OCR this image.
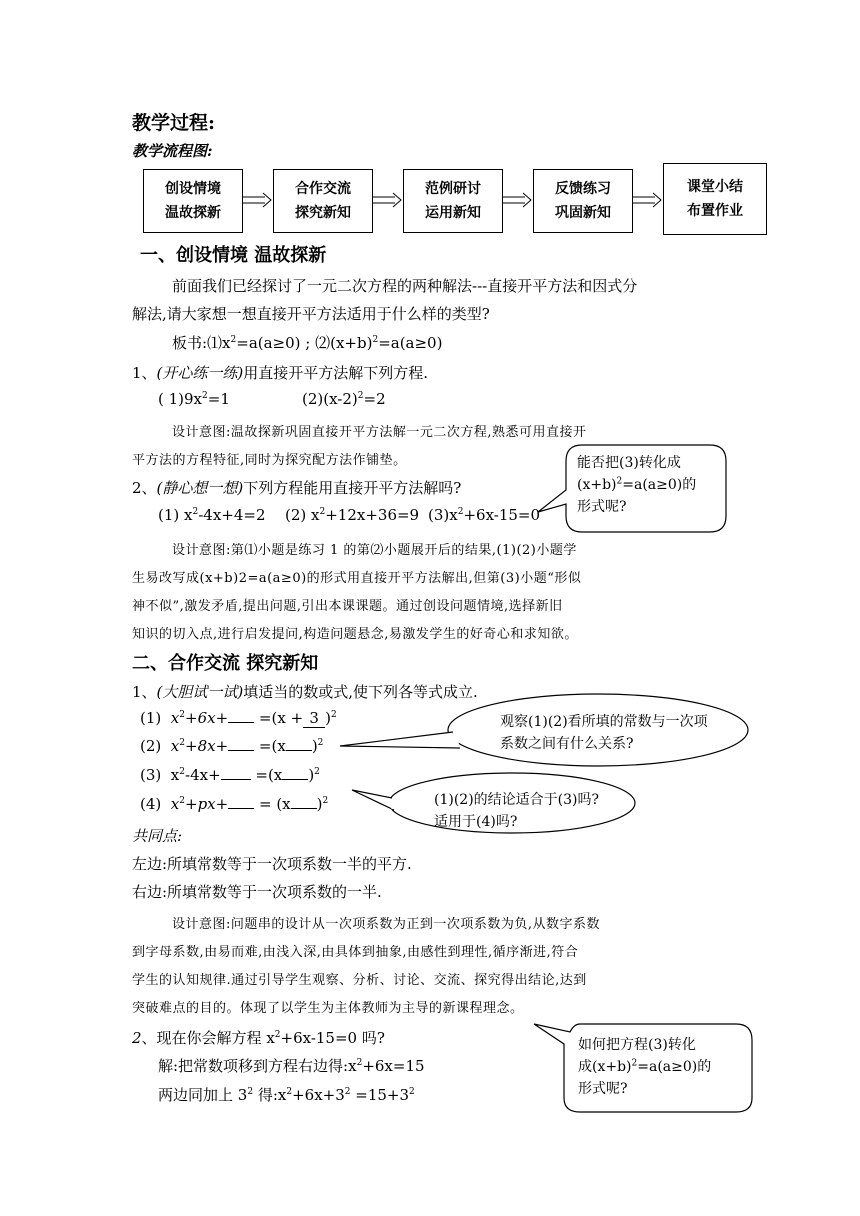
教学过程:
教学流程图:
创设情境
温故探新
合作交流
探究新知
范例研讨
运用新知
反馈练习
巩固新知
课堂小结
布置作业
一、创设情境 温故探新
前面我们已经探讨了一元二次方程的两种解法---直接开平方法和因式分
解法,请大家想一想直接开平方法适用于什么样的类型?
板书$:⑴x^2=a(a\ge 0)$ ; $⑵(x+b)^2=a(a\ge 0)$
1、(开心练一练)用直接开平方法解下列方程.
( $1)9x^2=1$	$(2)(x-2)^2=2$
设计意图:温故探新巩固直接开平方法解一元二次方程,熟悉可用直接开
平方法的方程特征,同时为探究配方法作铺垫。
2、(静心想一想)下列方程能用直接开平方法解吗?
(1) $x^2-4x+4=2$ (2) $x^2+12x+36=9$ $(3)x^2+6x-15=0$
能否把(3)转化成
$(x+b)^2=a(a\ge 0)$的
形式呢?
设计意图:第⑴小题是练习 1 的第⑵小题展开后的结果,(1)(2)小题学
生易改写成(x+b)2=a(a≥0)的形式用直接开平方法解出,但第(3)小题“形似
神不似”,激发矛盾,提出问题,引出本课课题。通过创设问题情境,选择新旧
知识的切入点,进行启发提问,构造问题悬念,易激发学生的好奇心和求知欲。
二、合作交流 探究新知
1、(大胆试一试)填适当的数或式,使下列各等式成立.
(1) $x^2+6x+ =(x + 3$ )$^2$
(2) $x^2+8x+ =(x$ )$^2$
(3) $x^2-4x+ =(x$ )$^2$
(4) $x^2+px+ = (x$ )$^2$
观察(1)(2)看所填的常数与一次项系数之间有什么关系?
(1)(2)的结论适合于(3)吗? 适用于(4)吗?
共同点:
左边:所填常数等于一次项系数一半的平方.
右边:所填常数等于一次项系数的一半.
设计意图:问题串的设计从一次项系数为正到一次项系数为负,从数字系数
到字母系数,由易而难,由浅入深,由具体到抽象,由感性到理性,循序渐进,符合
学生的认知规律.通过引导学生观察、分析、讨论、交流、探究得出结论,达到
突破难点的目的。体现了以学生为主体教师为主导的新课程理念。
2、现在你会解方程 $x^2+6x-15=0$ 吗?
解:把常数项移到方程右边得$:x^2+6x=15$
两边同加上 $3^2$ 得$:x^2+6x+3^2 =15+3^2$
如何把方程(3)转化
成$(x+b)^2=a(a\ge 0)$的
形式呢?
